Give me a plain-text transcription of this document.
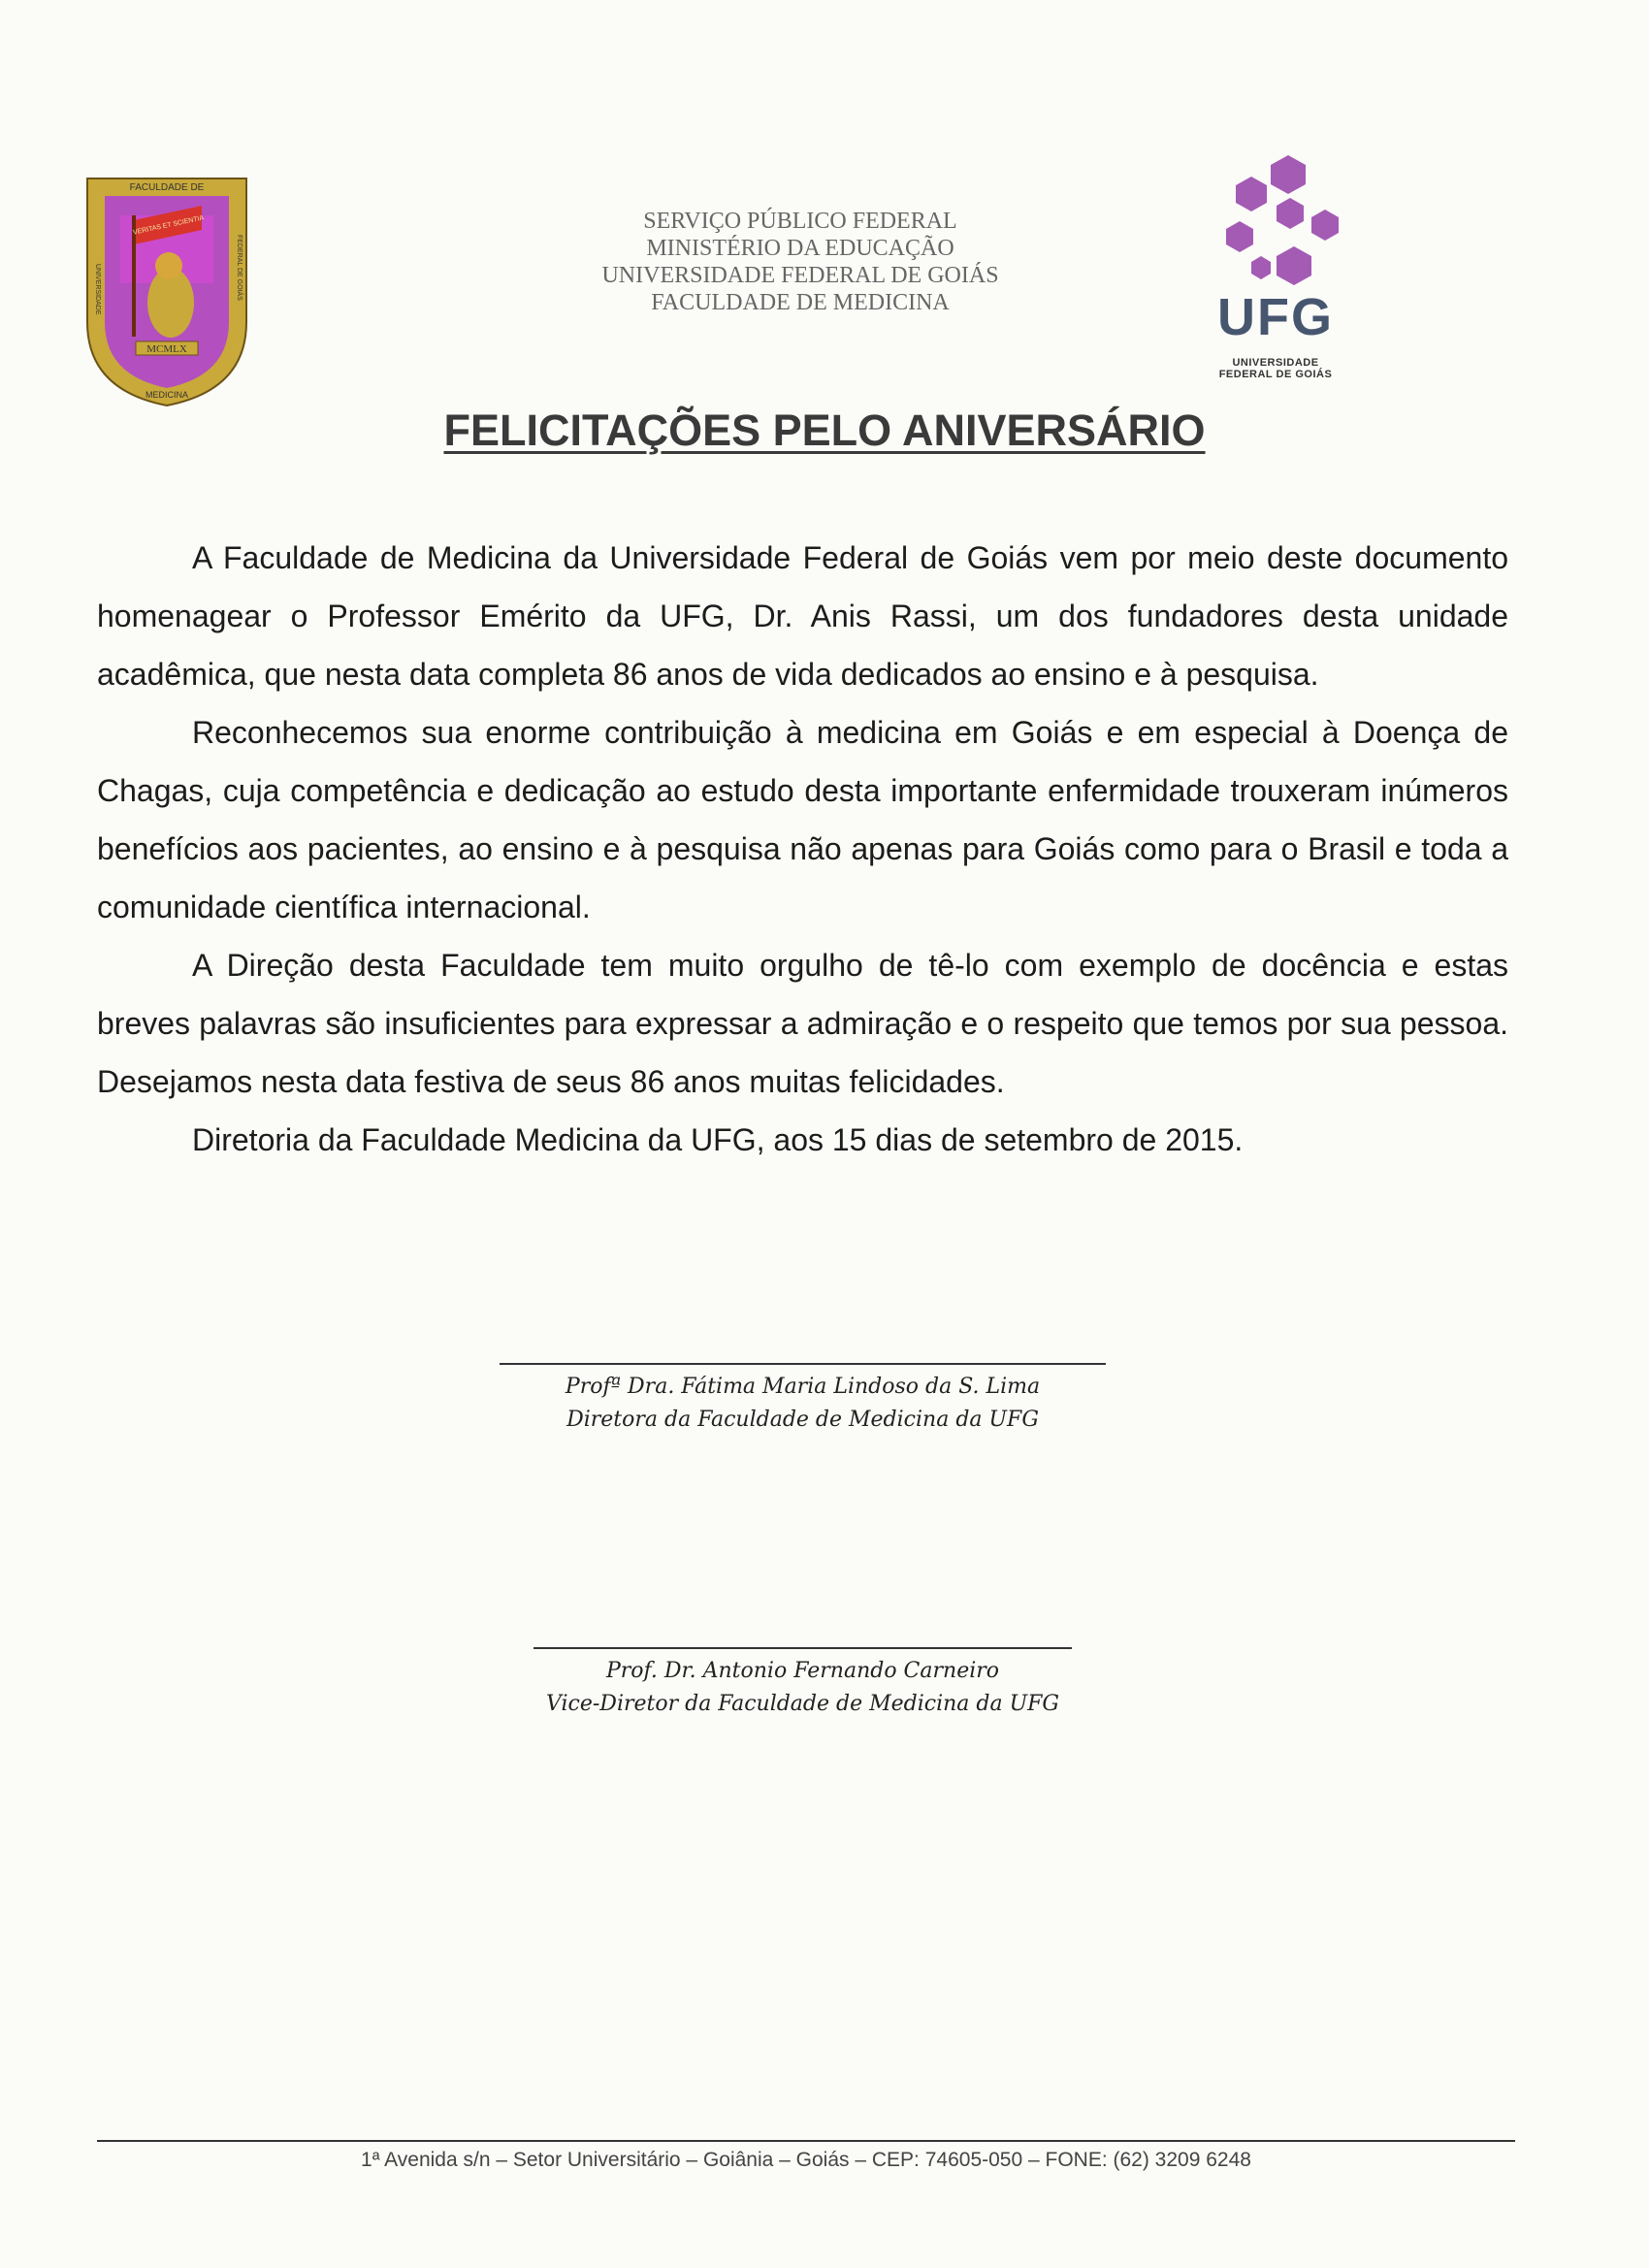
FACULDADE DE
VERITAS ET SCIENTIA
MCMLX
UNIVERSIDADE	FEDERAL DE GOIÁS
MEDICINA
SERVIÇO PÚBLICO FEDERAL
MINISTÉRIO DA EDUCAÇÃO
UNIVERSIDADE FEDERAL DE GOIÁS
FACULDADE DE MEDICINA	UFG
UNIVERSIDADE
FEDERAL DE GOIÁS
FELICITAÇÕES PELO ANIVERSÁRIO

A Faculdade de Medicina da Universidade Federal de Goiás vem por meio deste documento homenagear o Professor Emérito da UFG, Dr. Anis Rassi, um dos fundadores desta unidade acadêmica, que nesta data completa 86 anos de vida dedicados ao ensino e à pesquisa.

Reconhecemos sua enorme contribuição à medicina em Goiás e em especial à Doença de Chagas, cuja competência e dedicação ao estudo desta importante enfermidade trouxeram inúmeros benefícios aos pacientes, ao ensino e à pesquisa não apenas para Goiás como para o Brasil e toda a comunidade científica internacional.

A Direção desta Faculdade tem muito orgulho de tê-lo com exemplo de docência e estas breves palavras são insuficientes para expressar a admiração e o respeito que temos por sua pessoa. Desejamos nesta data festiva de seus 86 anos muitas felicidades.

Diretoria da Faculdade Medicina da UFG, aos 15 dias de setembro de 2015.
Profª Dra. Fátima Maria Lindoso da S. Lima
Diretora da Faculdade de Medicina da UFG
Prof. Dr. Antonio Fernando Carneiro
Vice-Diretor da Faculdade de Medicina da UFG
1ª Avenida s/n – Setor Universitário – Goiânia – Goiás – CEP: 74605-050 – FONE: (62) 3209 6248
